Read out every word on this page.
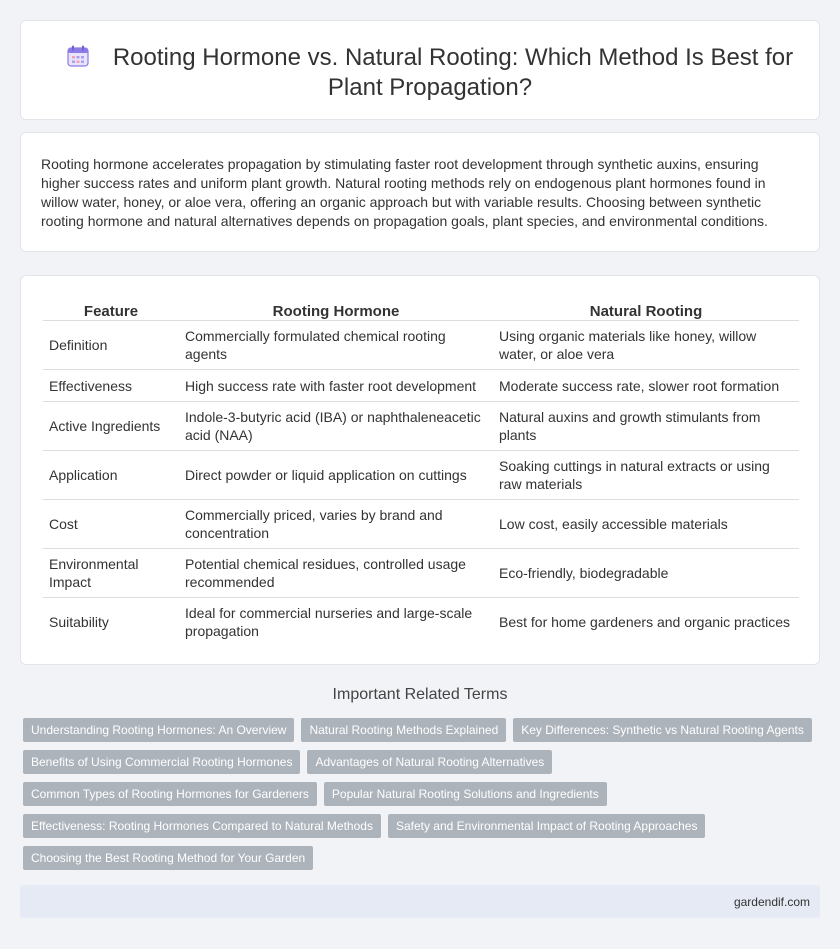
Rooting Hormone vs. Natural Rooting: Which Method Is Best for Plant Propagation?

Rooting hormone accelerates propagation by stimulating faster root development through synthetic auxins, ensuring higher success rates and uniform plant growth. Natural rooting methods rely on endogenous plant hormones found in willow water, honey, or aloe vera, offering an organic approach but with variable results. Choosing between synthetic rooting hormone and natural alternatives depends on propagation goals, plant species, and environmental conditions.

Feature	Rooting Hormone	Natural Rooting
Definition	Commercially formulated chemical rooting agents	Using organic materials like honey, willow water, or aloe vera
Effectiveness	High success rate with faster root development	Moderate success rate, slower root formation
Active Ingredients	Indole-3-butyric acid (IBA) or naphthaleneacetic acid (NAA)	Natural auxins and growth stimulants from plants
Application	Direct powder or liquid application on cuttings	Soaking cuttings in natural extracts or using raw materials
Cost	Commercially priced, varies by brand and concentration	Low cost, easily accessible materials
Environmental Impact	Potential chemical residues, controlled usage recommended	Eco-friendly, biodegradable
Suitability	Ideal for commercial nurseries and large-scale propagation	Best for home gardeners and organic practices
Important Related Terms
Understanding Rooting Hormones: An Overview	Natural Rooting Methods Explained	Key Differences: Synthetic vs Natural Rooting Agents
Benefits of Using Commercial Rooting Hormones	Advantages of Natural Rooting Alternatives
Common Types of Rooting Hormones for Gardeners	Popular Natural Rooting Solutions and Ingredients
Effectiveness: Rooting Hormones Compared to Natural Methods	Safety and Environmental Impact of Rooting Approaches
Choosing the Best Rooting Method for Your Garden
gardendif.com
